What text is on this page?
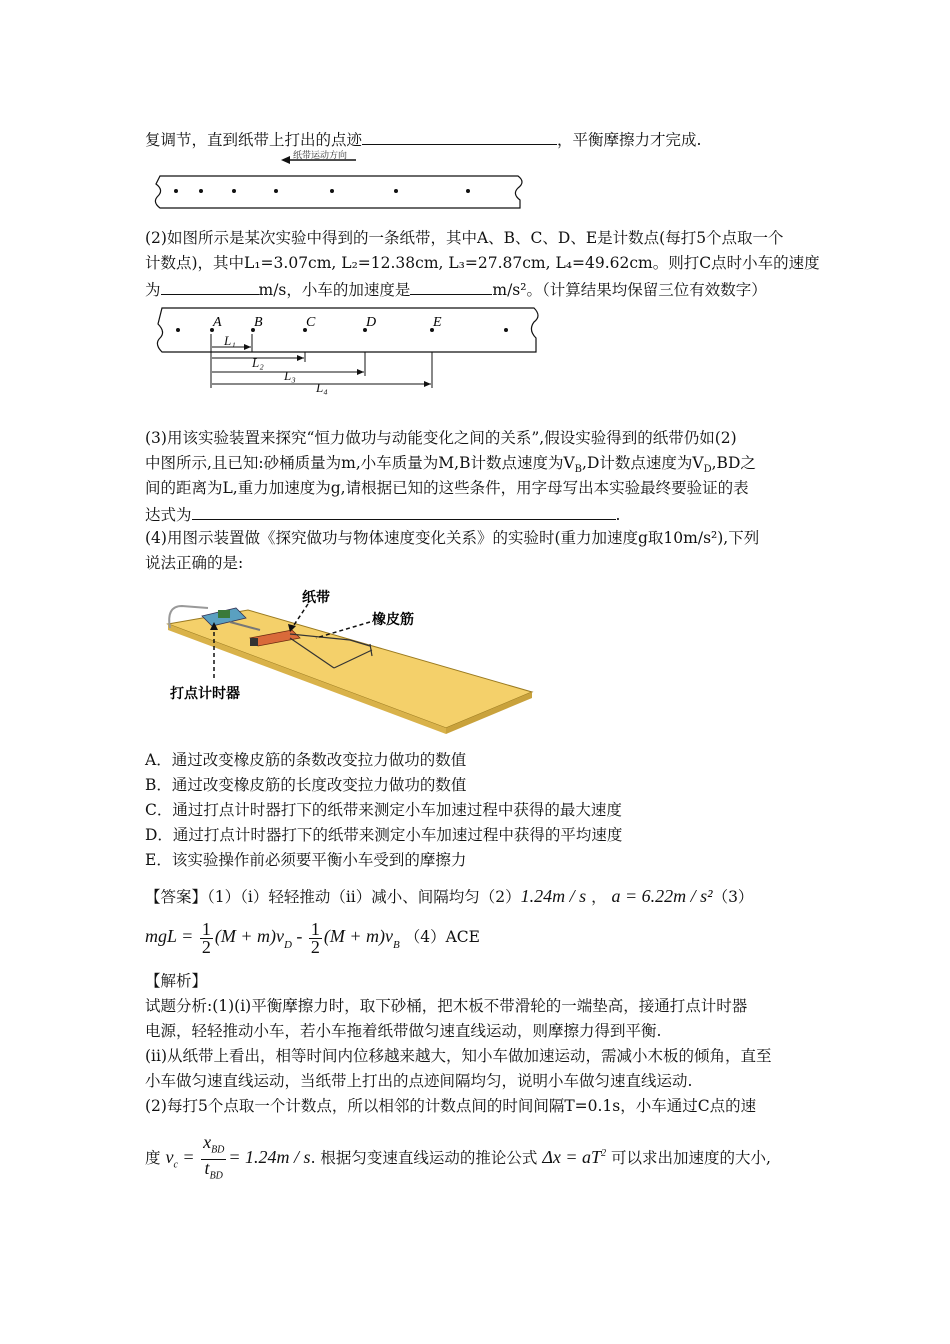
复调节，直到纸带上打出的点迹	，平衡摩擦力才完成.
纸带运动方向
(2)如图所示是某次实验中得到的一条纸带，其中A、B、C、D、E是计数点(每打5个点取一个
计数点)，其中L₁=3.07cm, L₂=12.38cm, L₃=27.87cm, L₄=49.62cm。则打C点时小车的速度
为	m/s，小车的加速度是	m/s²。（计算结果均保留三位有效数字）
A B	C	D	E
L₁
L₂
L₃
L₄
(3)用该实验装置来探究“恒力做功与动能变化之间的关系”,假设实验得到的纸带仍如(2)
中图所示,且已知:砂桶质量为m,小车质量为M,B计数点速度为$V_B,D$计数点速度为$V_D,BD$之
间的距离为L,重力加速度为g,请根据已知的这些条件，用字母写出本实验最终要验证的表
达式为	.
(4)用图示装置做《探究做功与物体速度变化关系》的实验时(重力加速度g取10m/s²),下列
说法正确的是:
纸带
橡皮筋
打点计时器
A．通过改变橡皮筋的条数改变拉力做功的数值
B．通过改变橡皮筋的长度改变拉力做功的数值
C．通过打点计时器打下的纸带来测定小车加速过程中获得的最大速度
D．通过打点计时器打下的纸带来测定小车加速过程中获得的平均速度
E．该实验操作前必须要平衡小车受到的摩擦力
【答案】（1）（i）轻轻推动（ii）减小、间隔均匀（2）1.24m / s ， a = 6.22m / s²（3）
mgL = $\frac{1}{2} (M + m)v_D - \frac{1}{2} (M + m)v_B$ （4）ACE
【解析】
试题分析:(1)(i)平衡摩擦力时，取下砂桶，把木板不带滑轮的一端垫高，接通打点计时器
电源，轻轻推动小车，若小车拖着纸带做匀速直线运动，则摩擦力得到平衡.
(ii)从纸带上看出，相等时间内位移越来越大，知小车做加速运动，需减小木板的倾角，直至
小车做匀速直线运动，当纸带上打出的点迹间隔均匀，说明小车做匀速直线运动.
(2)每打5个点取一个计数点，所以相邻的计数点间的时间间隔T=0.1s，小车通过C点的速
度 $v_c = \frac{x_{BD}}{t_{BD}} = 1.24m / s$. 根据匀变速直线运动的推论公式 $\Delta x = aT^2$ 可以求出加速度的大小,
